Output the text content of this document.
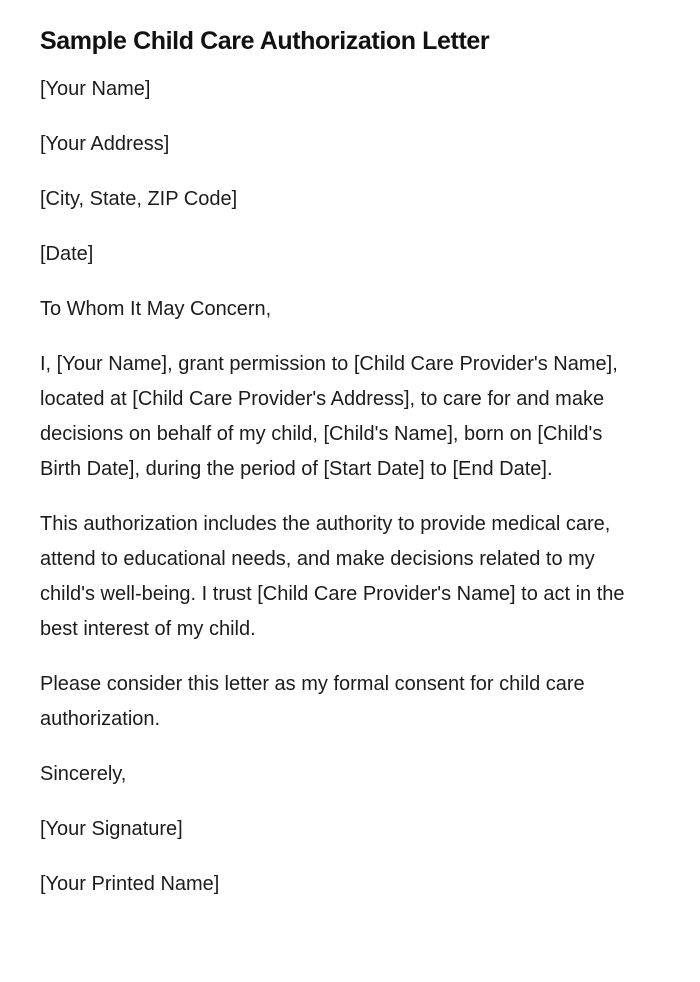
Sample Child Care Authorization Letter

[Your Name]

[Your Address]

[City, State, ZIP Code]

[Date]

To Whom It May Concern,

I, [Your Name], grant permission to [Child Care Provider's Name], located at [Child Care Provider's Address], to care for and make decisions on behalf of my child, [Child's Name], born on [Child's Birth Date], during the period of [Start Date] to [End Date].

This authorization includes the authority to provide medical care, attend to educational needs, and make decisions related to my child's well-being. I trust [Child Care Provider's Name] to act in the best interest of my child.

Please consider this letter as my formal consent for child care authorization.

Sincerely,

[Your Signature]

[Your Printed Name]
